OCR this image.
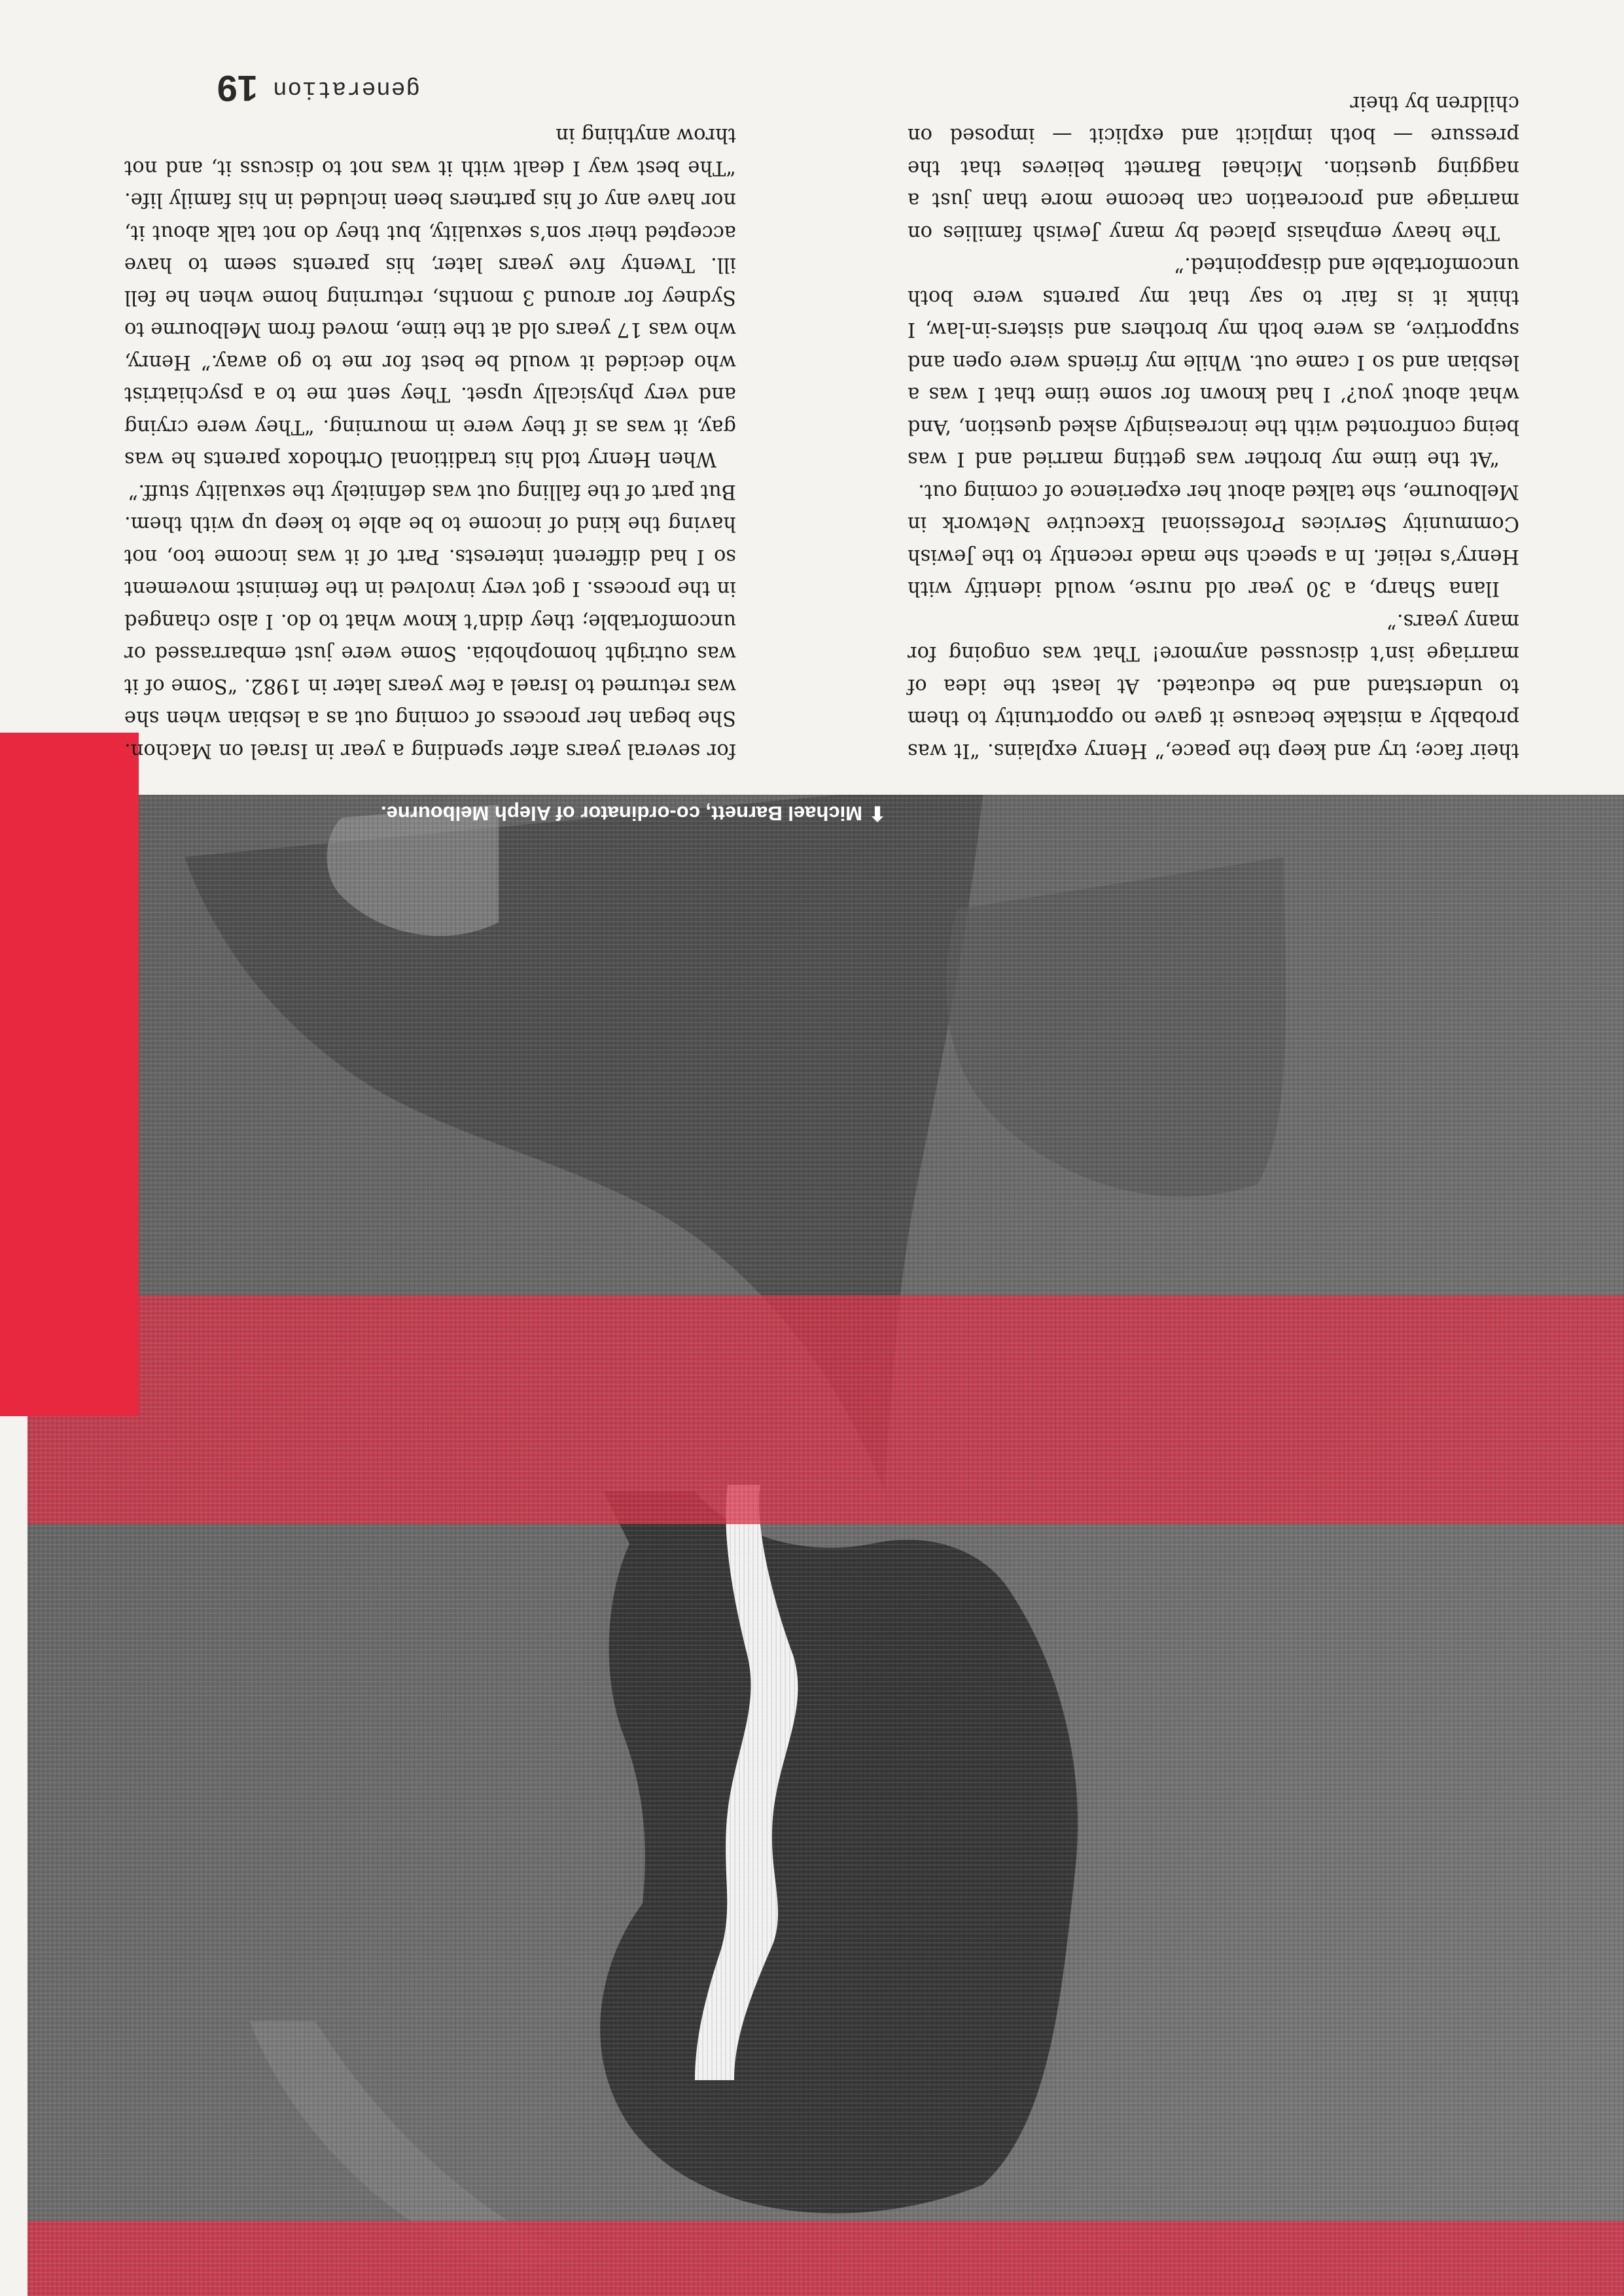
⬆Michael Barnett, co-ordinator of Aleph Melbourne.

their face; try and keep the peace,” Henry explains. “It was probably a mistake because it gave no opportunity to them to understand and be educated. At least the idea of marriage isn’t discussed anymore! That was ongoing for many years.”

Ilana Sharp, a 30 year old nurse, would identify with Henry’s relief. In a speech she made recently to the Jewish Community Services Professional Executive Network in Melbourne, she talked about her experience of coming out.

“At the time my brother was getting married and I was being confronted with the increasingly asked question, ‘And what about you?’ I had known for some time that I was a lesbian and so I came out. While my friends were open and supportive, as were both my brothers and sisters-in-law, I think it is fair to say that my parents were both uncomfortable and disappointed.”

The heavy emphasis placed by many Jewish families on marriage and procreation can become more than just a nagging question. Michael Barnett believes that the pressure — both implicit and explicit — imposed on children by their

for several years after spending a year in Israel on Machon. She began her process of coming out as a lesbian when she was returned to Israel a few years later in 1982. “Some of it was outright homophobia. Some were just embarrassed or uncomfortable; they didn’t know what to do. I also changed in the process. I got very involved in the feminist movement so I had different interests. Part of it was income too, not having the kind of income to be able to keep up with them. But part of the falling out was definitely the sexuality stuff.”

When Henry told his traditional Orthodox parents he was gay, it was as if they were in mourning. “They were crying and very physically upset. They sent me to a psychiatrist who decided it would be best for me to go away.” Henry, who was 17 years old at the time, moved from Melbourne to Sydney for around 3 months, returning home when he fell ill. Twenty five years later, his parents seem to have accepted their son’s sexuality, but they do not talk about it, nor have any of his partners been included in his family life. “The best way I dealt with it was not to discuss it, and not throw anything in

generation19
